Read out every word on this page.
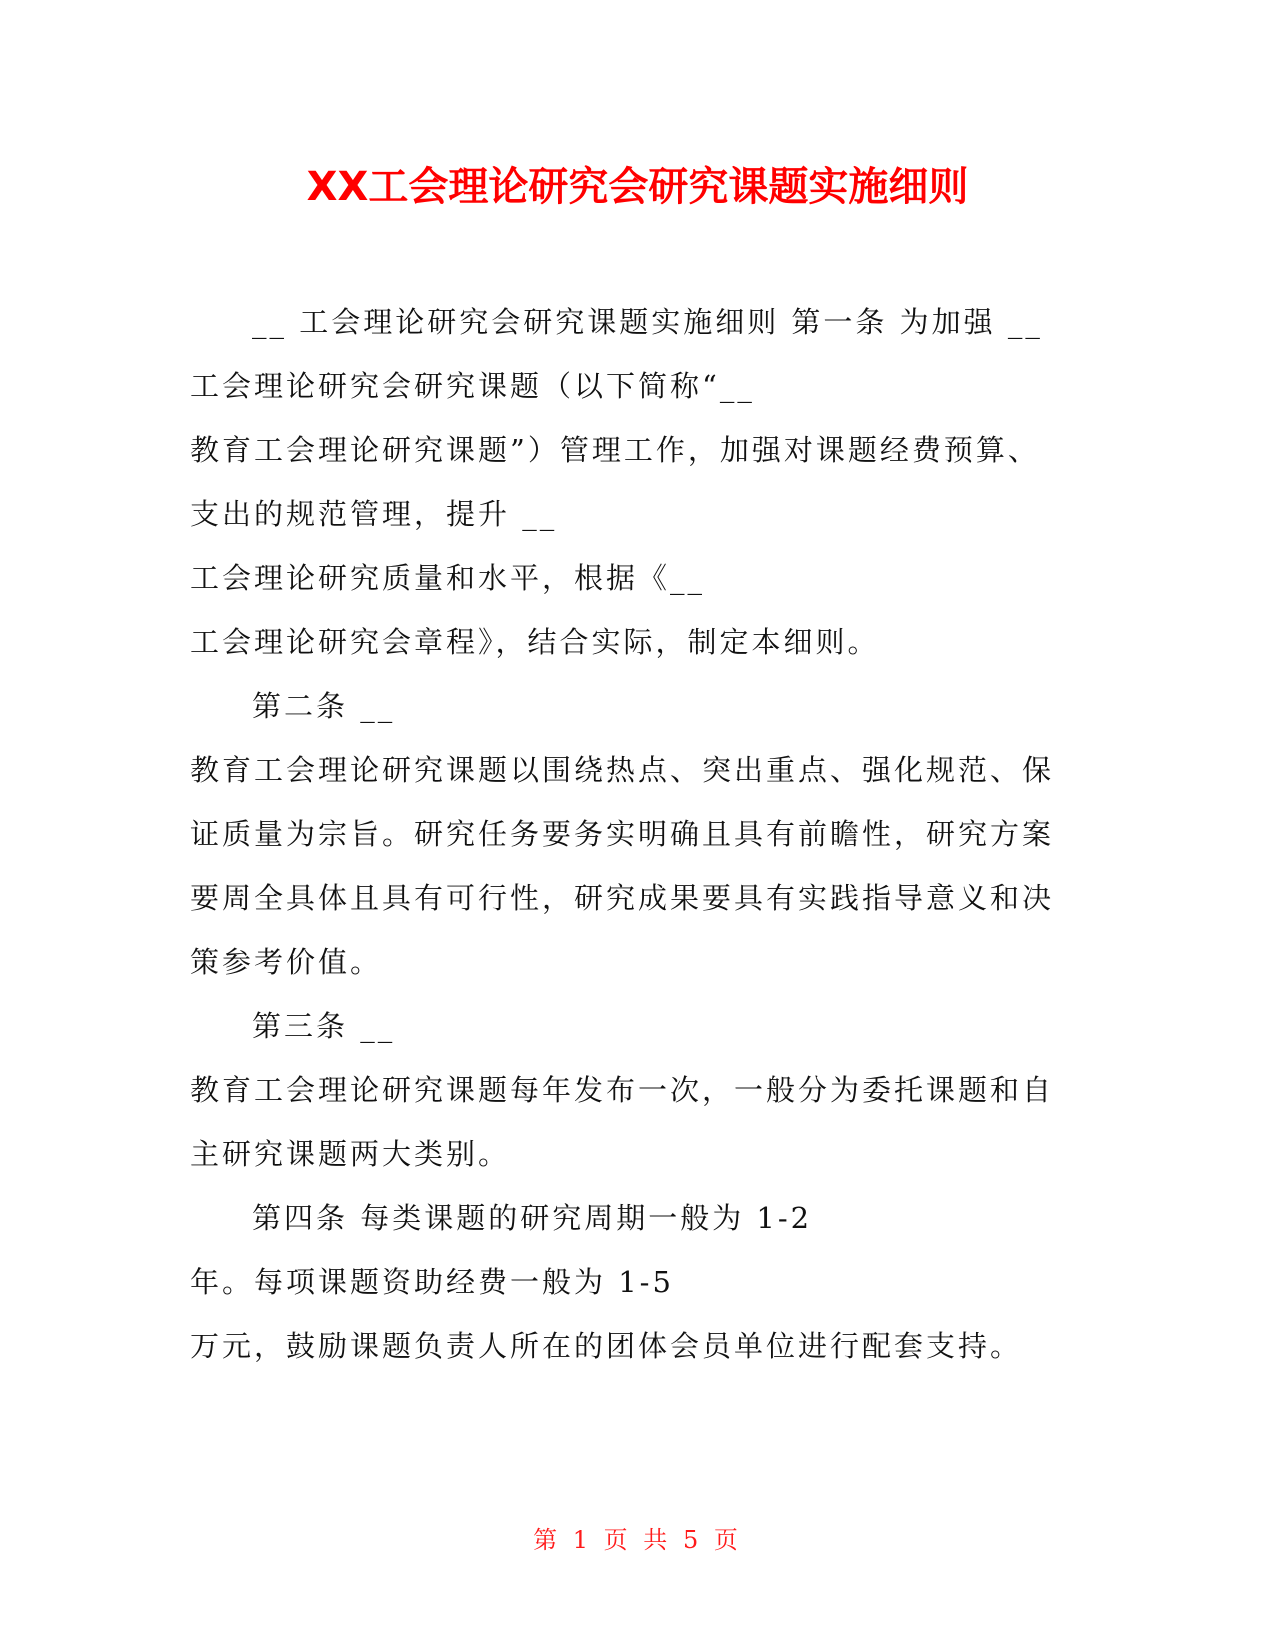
XX工会理论研究会研究课题实施细则

__ 工会理论研究会研究课题实施细则 第一条 为加强 __

工会理论研究会研究课题（以下简称“__

教育工会理论研究课题”）管理工作，加强对课题经费预算、

支出的规范管理，提升 __

工会理论研究质量和水平，根据《__

工会理论研究会章程》，结合实际，制定本细则。

第二条 __

教育工会理论研究课题以围绕热点、突出重点、强化规范、保

证质量为宗旨。研究任务要务实明确且具有前瞻性，研究方案

要周全具体且具有可行性，研究成果要具有实践指导意义和决

策参考价值。

第三条 __

教育工会理论研究课题每年发布一次，一般分为委托课题和自

主研究课题两大类别。

第四条 每类课题的研究周期一般为 1-2

年。每项课题资助经费一般为 1-5

万元，鼓励课题负责人所在的团体会员单位进行配套支持。

第 1 页 共 5 页
